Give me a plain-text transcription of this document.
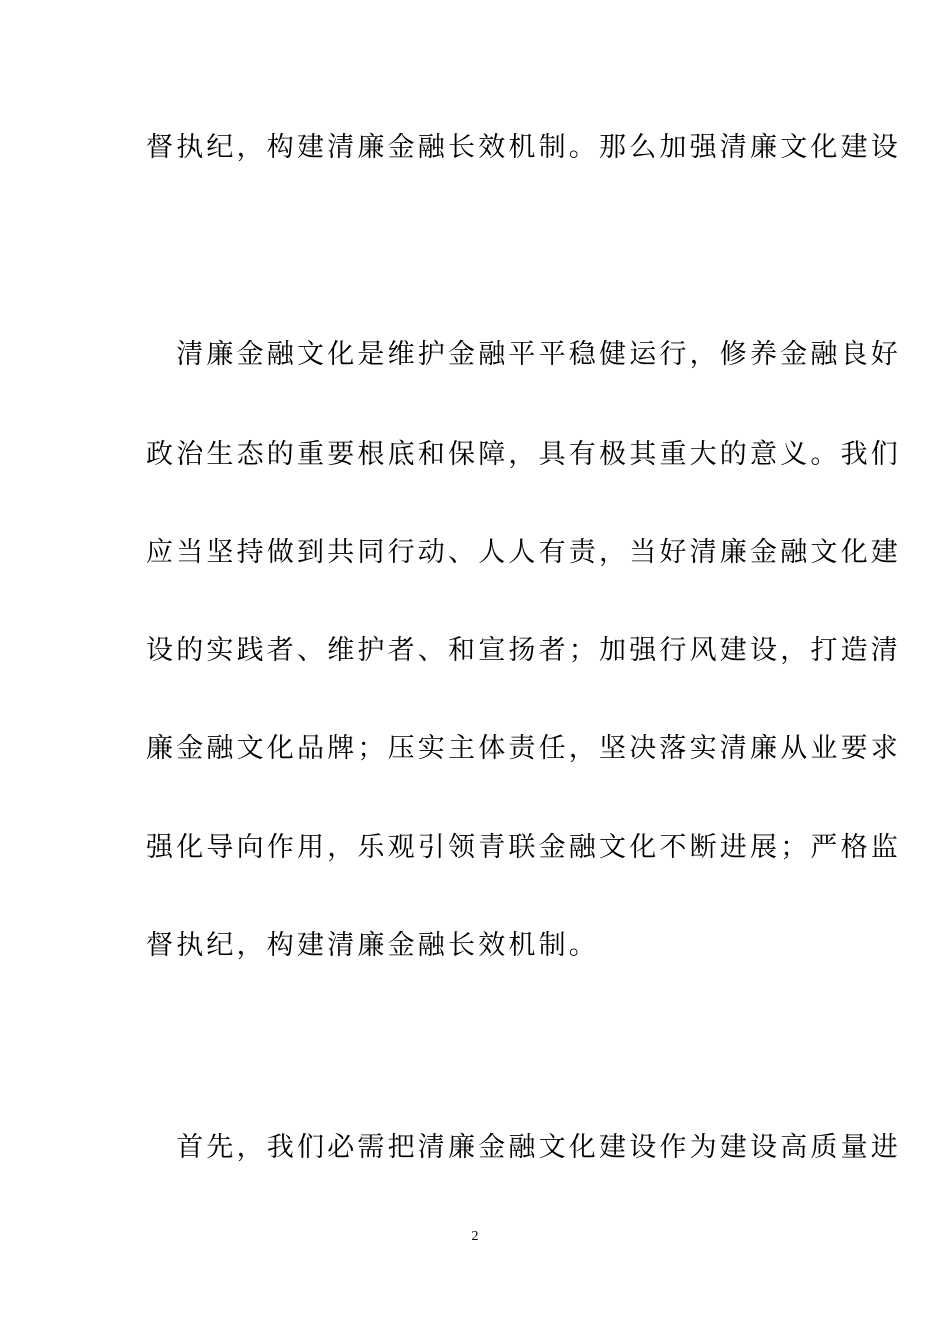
督执纪，构建清廉金融长效机制。那么加强清廉文化建设
　清廉金融文化是维护金融平平稳健运行，修养金融良好
政治生态的重要根底和保障，具有极其重大的意义。我们
应当坚持做到共同行动、人人有责，当好清廉金融文化建
设的实践者、维护者、和宣扬者；加强行风建设，打造清
廉金融文化品牌；压实主体责任，坚决落实清廉从业要求
强化导向作用，乐观引领青联金融文化不断进展；严格监
督执纪，构建清廉金融长效机制。
　首先，我们必需把清廉金融文化建设作为建设高质量进
2
